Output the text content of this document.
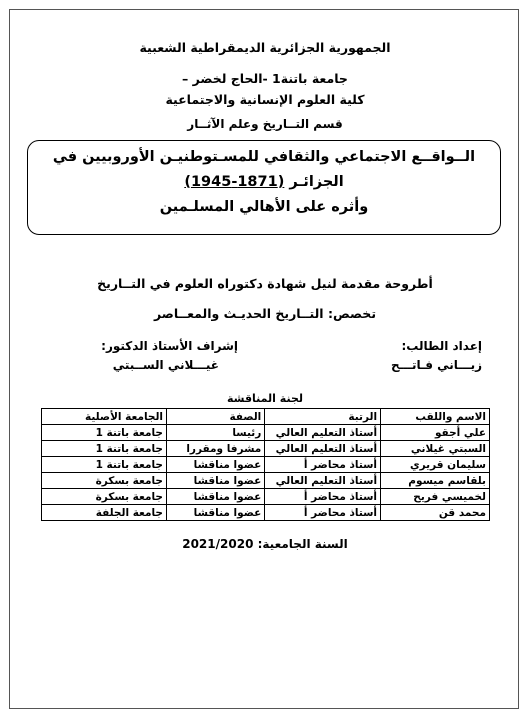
الجمهورية الجزائرية الديمقراطية الشعبية
جامعة باتنة1 -الحاج لخضر –
كلية العلوم الإنسانية والاجتماعية
قسم التــاريخ وعلم الآثــار
الــواقــع الاجتماعي والثقافي للمسـتوطنيـن الأوروبيين في
الجزائـر (1871-1945)
وأثره على الأهالي المسلـمين
أطروحة مقدمة لنيل شهادة دكتوراه العلوم في التــاريخ
تخصص: التــاريخ الحديـث والمعــاصر
إعداد الطالب:
زيـــاني فـاتـــح
إشراف الأستاذ الدكتور:
غيـــلاني الســبتي
لجنة المناقشة
الاسم واللقب	الرتبة	الصفة	الجامعة الأصلية
علي أجقو	أستاذ التعليم العالي	رئيسا	جامعة باتنة 1
السبتي غيلاني	أستاذ التعليم العالي	مشرفا ومقررا	جامعة باتنة 1
سليمان قريري	أستاذ محاضر أ	عضوا مناقشا	جامعة باتنة 1
بلقاسم ميسوم	أستاذ التعليم العالي	عضوا مناقشا	جامعة بسكرة
لخميسي فريح	أستاذ محاضر أ	عضوا مناقشا	جامعة بسكرة
محمد قن	أستاذ محاضر أ	عضوا مناقشا	جامعة الجلفة
السنة الجامعية: 2021/2020
